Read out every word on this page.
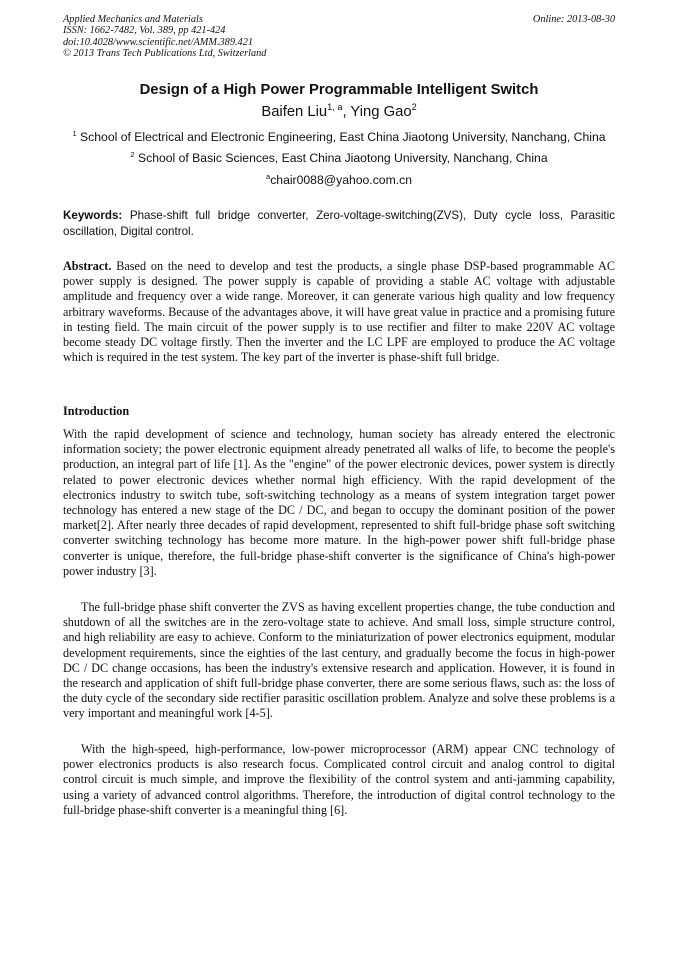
Applied Mechanics and Materials
ISSN: 1662-7482, Vol. 389, pp 421-424
doi:10.4028/www.scientific.net/AMM.389.421
© 2013 Trans Tech Publications Ltd, Switzerland
Online: 2013-08-30
Design of a High Power Programmable Intelligent Switch
Baifen Liu$^{1, a}$, Ying Gao$^2$
$^1$ School of Electrical and Electronic Engineering, East China Jiaotong University, Nanchang, China
$^2$ School of Basic Sciences, East China Jiaotong University, Nanchang, China
$^a$chair0088@yahoo.com.cn
Keywords: Phase-shift full bridge converter, Zero-voltage-switching(ZVS), Duty cycle loss, Parasitic oscillation, Digital control.
Abstract. Based on the need to develop and test the products, a single phase DSP-based programmable AC power supply is designed. The power supply is capable of providing a stable AC voltage with adjustable amplitude and frequency over a wide range. Moreover, it can generate various high quality and low frequency arbitrary waveforms. Because of the advantages above, it will have great value in practice and a promising future in testing field. The main circuit of the power supply is to use rectifier and filter to make 220V AC voltage become steady DC voltage firstly. Then the inverter and the LC LPF are employed to produce the AC voltage which is required in the test system. The key part of the inverter is phase-shift full bridge.
Introduction
With the rapid development of science and technology, human society has already entered the electronic information society; the power electronic equipment already penetrated all walks of life, to become the people's production, an integral part of life [1]. As the "engine" of the power electronic devices, power system is directly related to power electronic devices whether normal high efficiency. With the rapid development of the electronics industry to switch tube, soft-switching technology as a means of system integration target power technology has entered a new stage of the DC / DC, and began to occupy the dominant position of the power market[2]. After nearly three decades of rapid development, represented to shift full-bridge phase soft switching converter switching technology has become more mature. In the high-power power shift full-bridge phase converter is unique, therefore, the full-bridge phase-shift converter is the significance of China's high-power power industry [3].
The full-bridge phase shift converter the ZVS as having excellent properties change, the tube conduction and shutdown of all the switches are in the zero-voltage state to achieve. And small loss, simple structure control, and high reliability are easy to achieve. Conform to the miniaturization of power electronics equipment, modular development requirements, since the eighties of the last century, and gradually become the focus in high-power DC / DC change occasions, has been the industry's extensive research and application. However, it is found in the research and application of shift full-bridge phase converter, there are some serious flaws, such as: the loss of the duty cycle of the secondary side rectifier parasitic oscillation problem. Analyze and solve these problems is a very important and meaningful work [4-5].
With the high-speed, high-performance, low-power microprocessor (ARM) appear CNC technology of power electronics products is also research focus. Complicated control circuit and analog control to digital control circuit is much simple, and improve the flexibility of the control system and anti-jamming capability, using a variety of advanced control algorithms. Therefore, the introduction of digital control technology to the full-bridge phase-shift converter is a meaningful thing [6].
